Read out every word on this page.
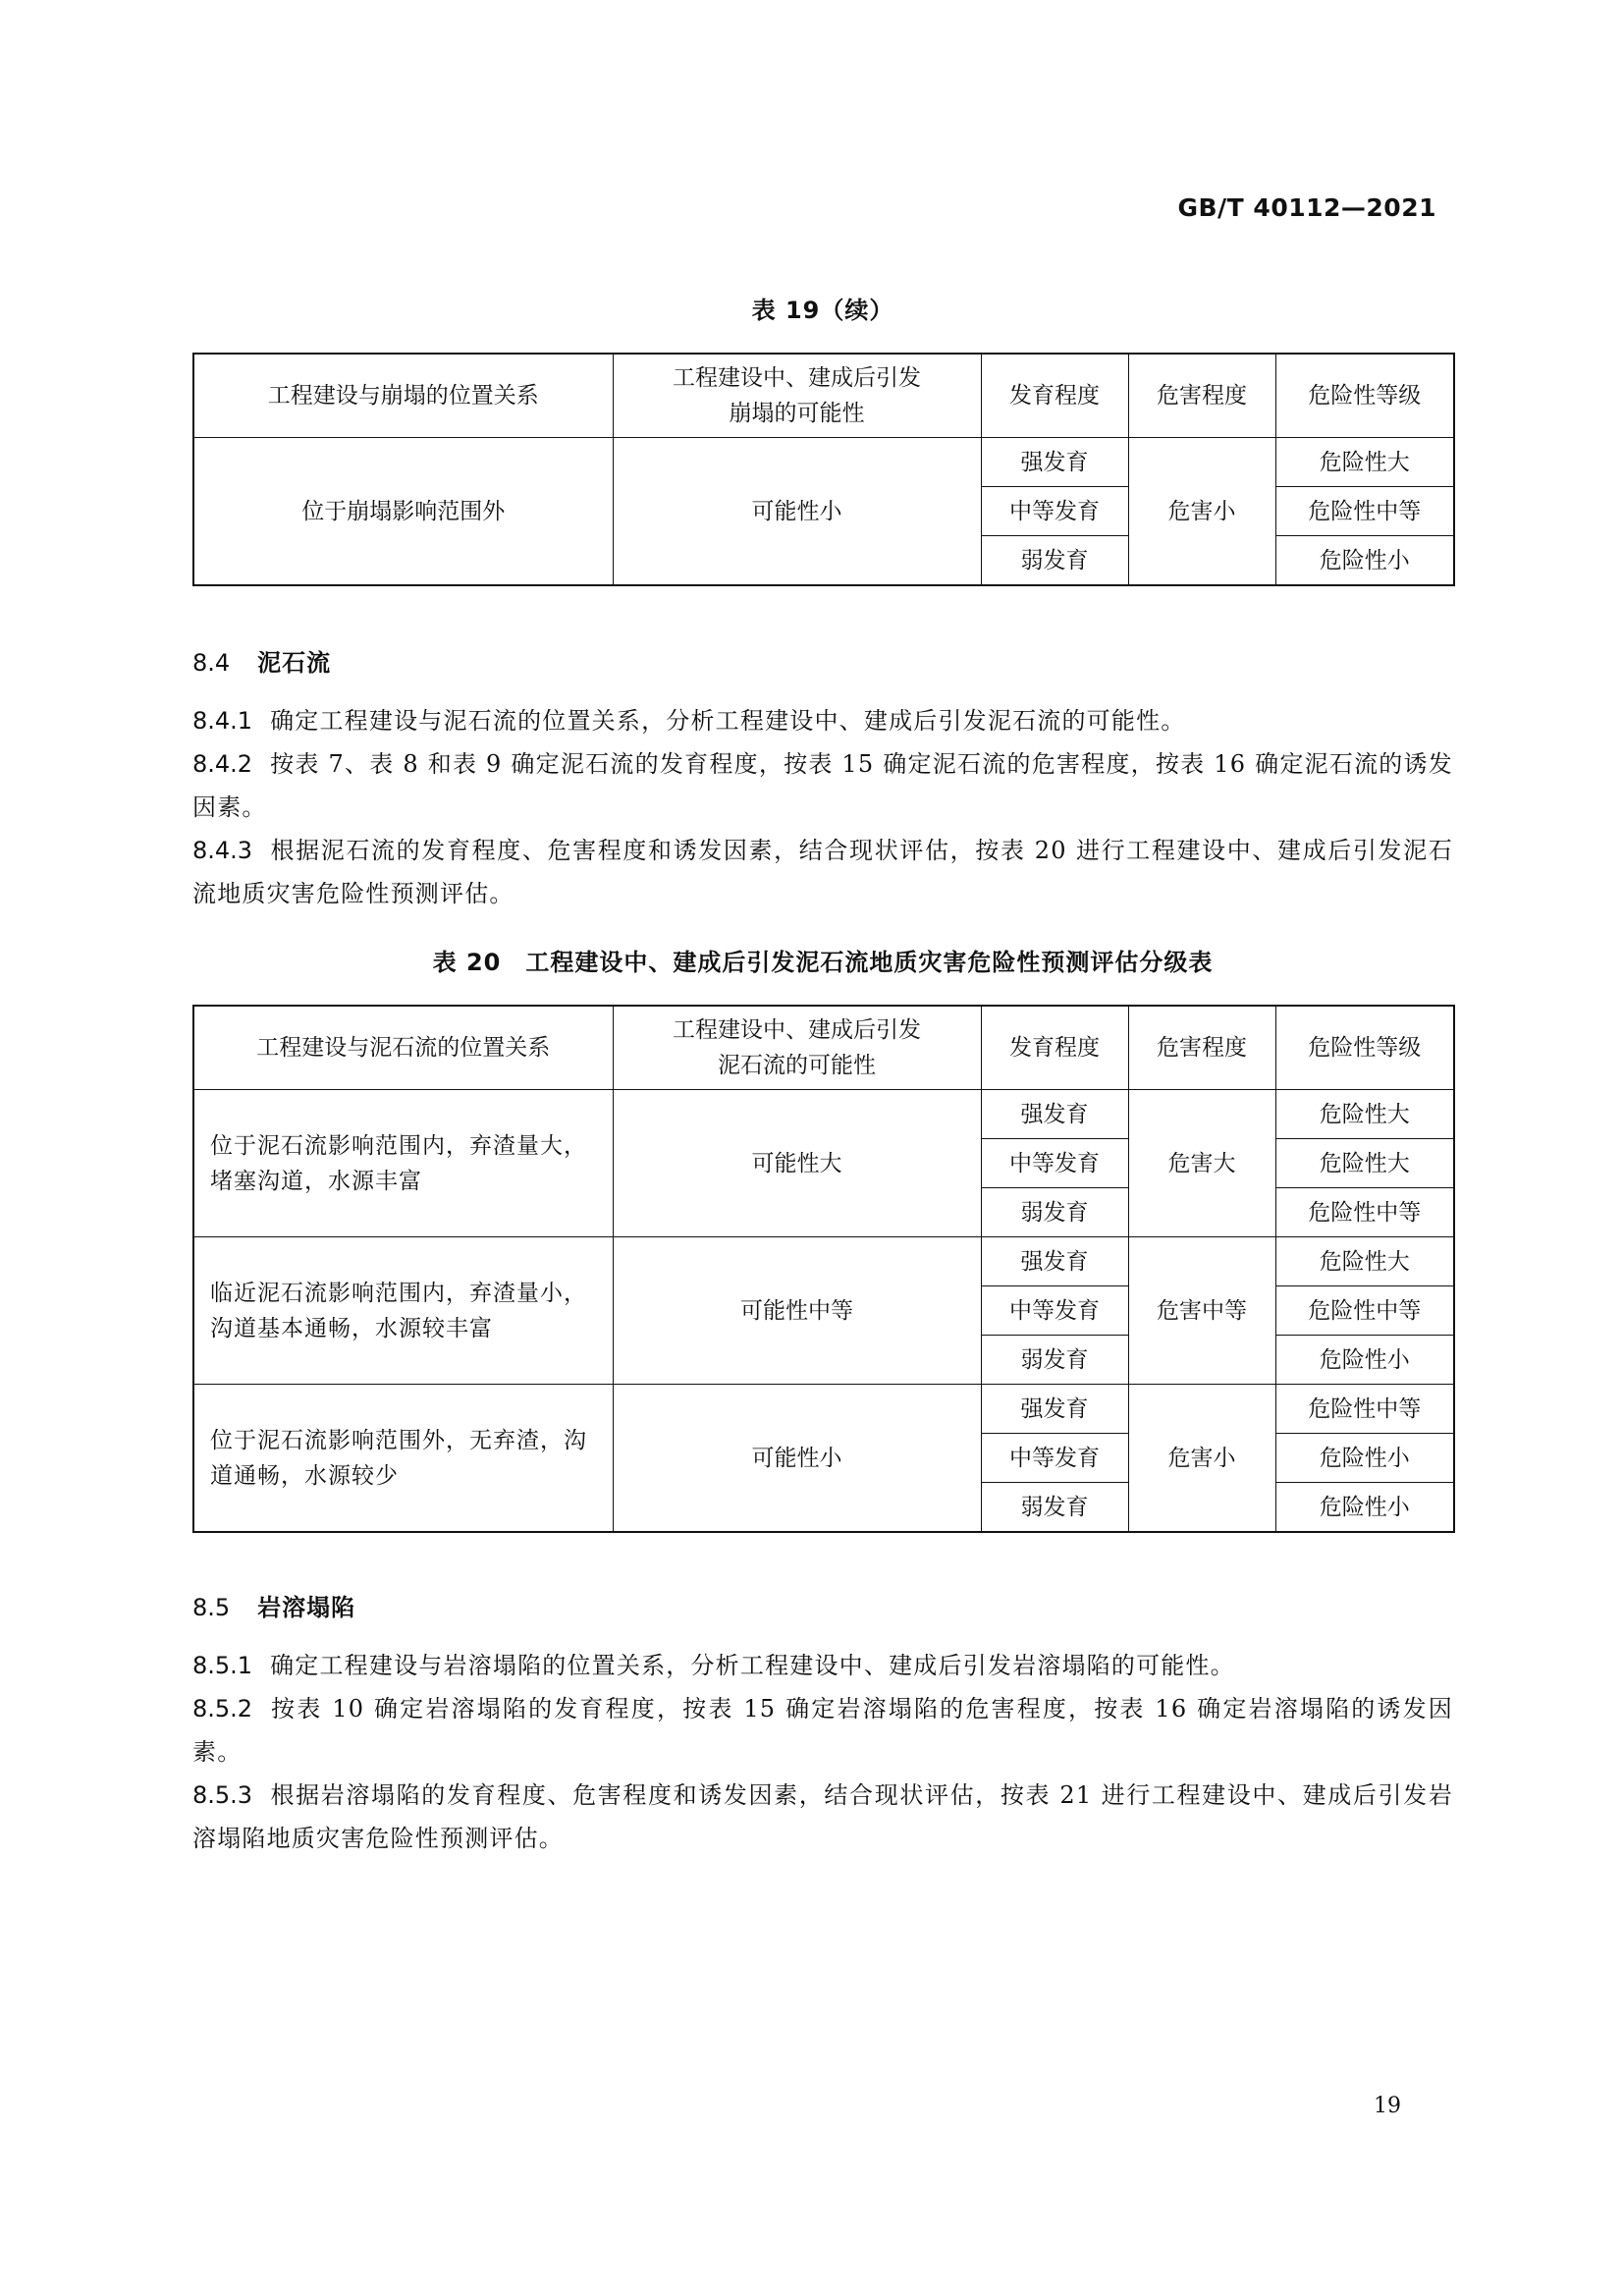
GB/T 40112—2021
表 19（续）
工程建设与崩塌的位置关系	工程建设中、建成后引发崩塌的可能性	发育程度	危害程度	危险性等级
位于崩塌影响范围外	可能性小	强发育	危害小	危险性大
		中等发育		危险性中等
		弱发育		危险性小
8.4 泥石流
8.4.1 确定工程建设与泥石流的位置关系，分析工程建设中、建成后引发泥石流的可能性。
8.4.2 按表 7、表 8 和表 9 确定泥石流的发育程度，按表 15 确定泥石流的危害程度，按表 16 确定泥石流的诱发因素。
8.4.3 根据泥石流的发育程度、危害程度和诱发因素，结合现状评估，按表 20 进行工程建设中、建成后引发泥石流地质灾害危险性预测评估。
表 20　工程建设中、建成后引发泥石流地质灾害危险性预测评估分级表
工程建设与泥石流的位置关系	工程建设中、建成后引发泥石流的可能性	发育程度	危害程度	危险性等级
位于泥石流影响范围内，弃渣量大，堵塞沟道，水源丰富	可能性大	强发育	危害大	危险性大
		中等发育		危险性大
		弱发育		危险性中等
临近泥石流影响范围内，弃渣量小，沟道基本通畅，水源较丰富	可能性中等	强发育	危害中等	危险性大
		中等发育		危险性中等
		弱发育		危险性小
位于泥石流影响范围外，无弃渣，沟道通畅，水源较少	可能性小	强发育	危害小	危险性中等
		中等发育		危险性小
		弱发育		危险性小
8.5 岩溶塌陷
8.5.1 确定工程建设与岩溶塌陷的位置关系，分析工程建设中、建成后引发岩溶塌陷的可能性。
8.5.2 按表 10 确定岩溶塌陷的发育程度，按表 15 确定岩溶塌陷的危害程度，按表 16 确定岩溶塌陷的诱发因素。
8.5.3 根据岩溶塌陷的发育程度、危害程度和诱发因素，结合现状评估，按表 21 进行工程建设中、建成后引发岩溶塌陷地质灾害危险性预测评估。
19
